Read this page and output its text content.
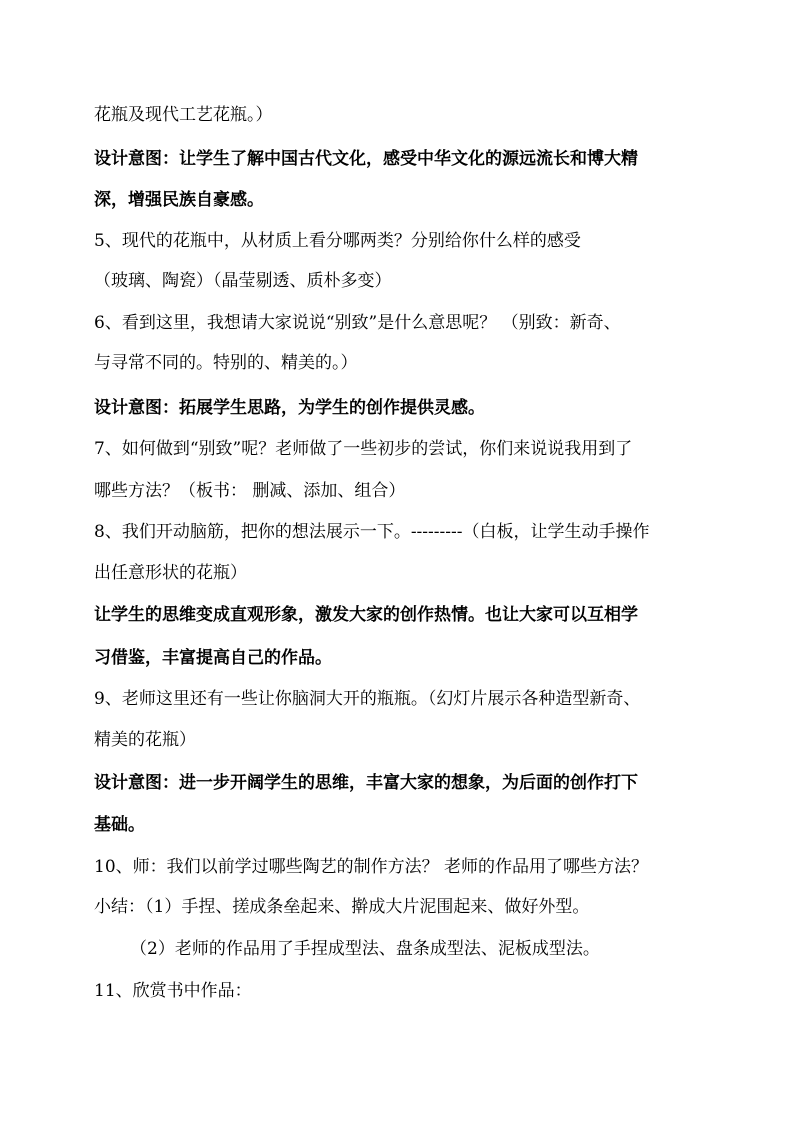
花瓶及现代工艺花瓶。）
设计意图：让学生了解中国古代文化，感受中华文化的源远流长和博大精
深，增强民族自豪感。
5、现代的花瓶中，从材质上看分哪两类？分别给你什么样的感受
（玻璃、陶瓷）（晶莹剔透、质朴多变）
6、看到这里，我想请大家说说“别致”是什么意思呢？ （别致：新奇、
与寻常不同的。特别的、精美的。）
设计意图：拓展学生思路，为学生的创作提供灵感。
7、如何做到“别致”呢？老师做了一些初步的尝试，你们来说说我用到了
哪些方法？（板书： 删减、添加、组合）
8、我们开动脑筋，把你的想法展示一下。---------（白板，让学生动手操作
出任意形状的花瓶）
让学生的思维变成直观形象，激发大家的创作热情。也让大家可以互相学
习借鉴，丰富提高自己的作品。
9、老师这里还有一些让你脑洞大开的瓶瓶。（幻灯片展示各种造型新奇、
精美的花瓶）
设计意图：进一步开阔学生的思维，丰富大家的想象，为后面的创作打下
基础。
10、师：我们以前学过哪些陶艺的制作方法？ 老师的作品用了哪些方法？
小结：（1）手捏、搓成条垒起来、擀成大片泥围起来、做好外型。
（2）老师的作品用了手捏成型法、盘条成型法、泥板成型法。
11、欣赏书中作品：
